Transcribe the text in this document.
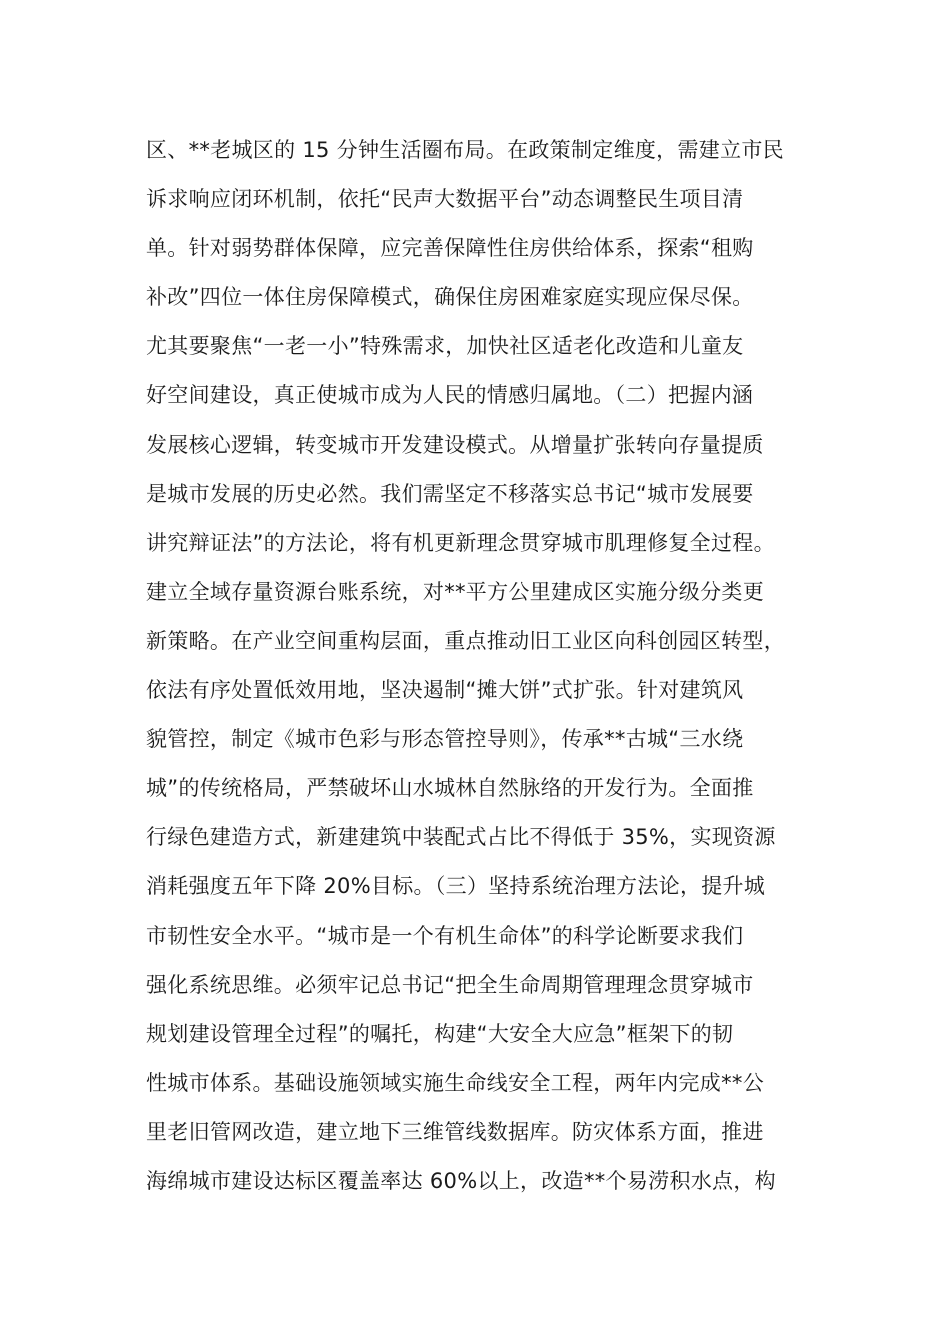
区、**老城区的 15 分钟生活圈布局。在政策制定维度，需建立市民
诉求响应闭环机制，依托“民声大数据平台”动态调整民生项目清
单。针对弱势群体保障，应完善保障性住房供给体系，探索“租购
补改”四位一体住房保障模式，确保住房困难家庭实现应保尽保。
尤其要聚焦“一老一小”特殊需求，加快社区适老化改造和儿童友
好空间建设，真正使城市成为人民的情感归属地。（二）把握内涵
发展核心逻辑，转变城市开发建设模式。从增量扩张转向存量提质
是城市发展的历史必然。我们需坚定不移落实总书记“城市发展要
讲究辩证法”的方法论，将有机更新理念贯穿城市肌理修复全过程。
建立全域存量资源台账系统，对**平方公里建成区实施分级分类更
新策略。在产业空间重构层面，重点推动旧工业区向科创园区转型，
依法有序处置低效用地，坚决遏制“摊大饼”式扩张。针对建筑风
貌管控，制定《城市色彩与形态管控导则》，传承**古城“三水绕
城”的传统格局，严禁破坏山水城林自然脉络的开发行为。全面推
行绿色建造方式，新建建筑中装配式占比不得低于 35%，实现资源
消耗强度五年下降 20%目标。（三）坚持系统治理方法论，提升城
市韧性安全水平。“城市是一个有机生命体”的科学论断要求我们
强化系统思维。必须牢记总书记“把全生命周期管理理念贯穿城市
规划建设管理全过程”的嘱托，构建“大安全大应急”框架下的韧
性城市体系。基础设施领域实施生命线安全工程，两年内完成**公
里老旧管网改造，建立地下三维管线数据库。防灾体系方面，推进
海绵城市建设达标区覆盖率达 60%以上，改造**个易涝积水点，构
